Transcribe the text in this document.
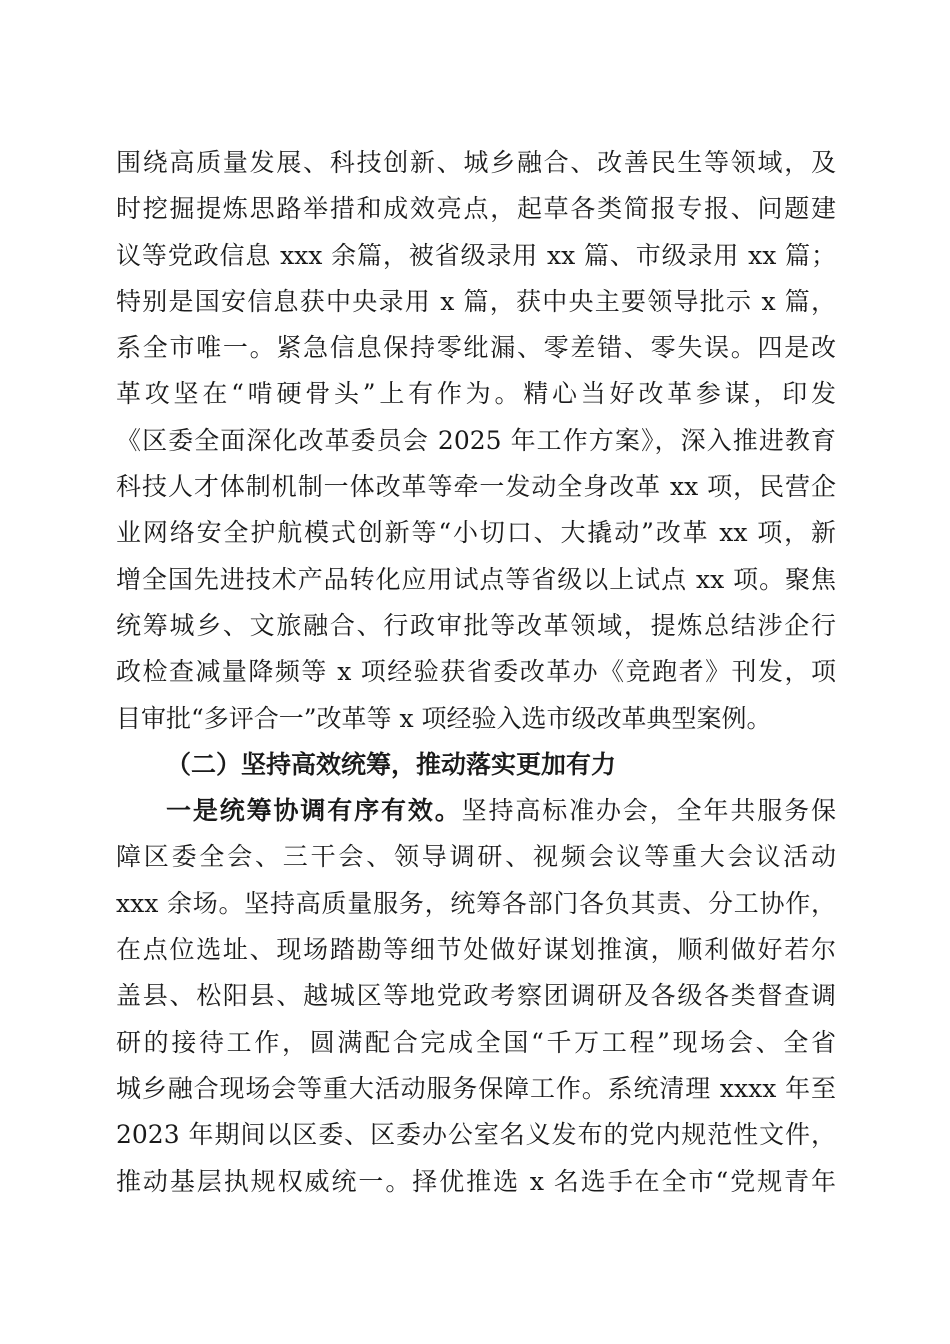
围绕高质量发展、科技创新、城乡融合、改善民生等领域，及
时挖掘提炼思路举措和成效亮点，起草各类简报专报、问题建
议等党政信息 xxx 余篇，被省级录用 xx 篇、市级录用 xx 篇；
特别是国安信息获中央录用 x 篇，获中央主要领导批示 x 篇，
系全市唯一。紧急信息保持零纰漏、零差错、零失误。四是改
革攻坚在“啃硬骨头”上有作为。精心当好改革参谋，印发
《区委全面深化改革委员会 2025 年工作方案》，深入推进教育
科技人才体制机制一体改革等牵一发动全身改革 xx 项，民营企
业网络安全护航模式创新等“小切口、大撬动”改革 xx 项，新
增全国先进技术产品转化应用试点等省级以上试点 xx 项。聚焦
统筹城乡、文旅融合、行政审批等改革领域，提炼总结涉企行
政检查减量降频等 x 项经验获省委改革办《竞跑者》刊发，项
目审批“多评合一”改革等 x 项经验入选市级改革典型案例。
（二）坚持高效统筹，推动落实更加有力
一是统筹协调有序有效。坚持高标准办会，全年共服务保
障区委全会、三干会、领导调研、视频会议等重大会议活动
xxx 余场。坚持高质量服务，统筹各部门各负其责、分工协作，
在点位选址、现场踏勘等细节处做好谋划推演，顺利做好若尔
盖县、松阳县、越城区等地党政考察团调研及各级各类督查调
研的接待工作，圆满配合完成全国“千万工程”现场会、全省
城乡融合现场会等重大活动服务保障工作。系统清理 xxxx 年至
2023 年期间以区委、区委办公室名义发布的党内规范性文件，
推动基层执规权威统一。择优推选 x 名选手在全市“党规青年
